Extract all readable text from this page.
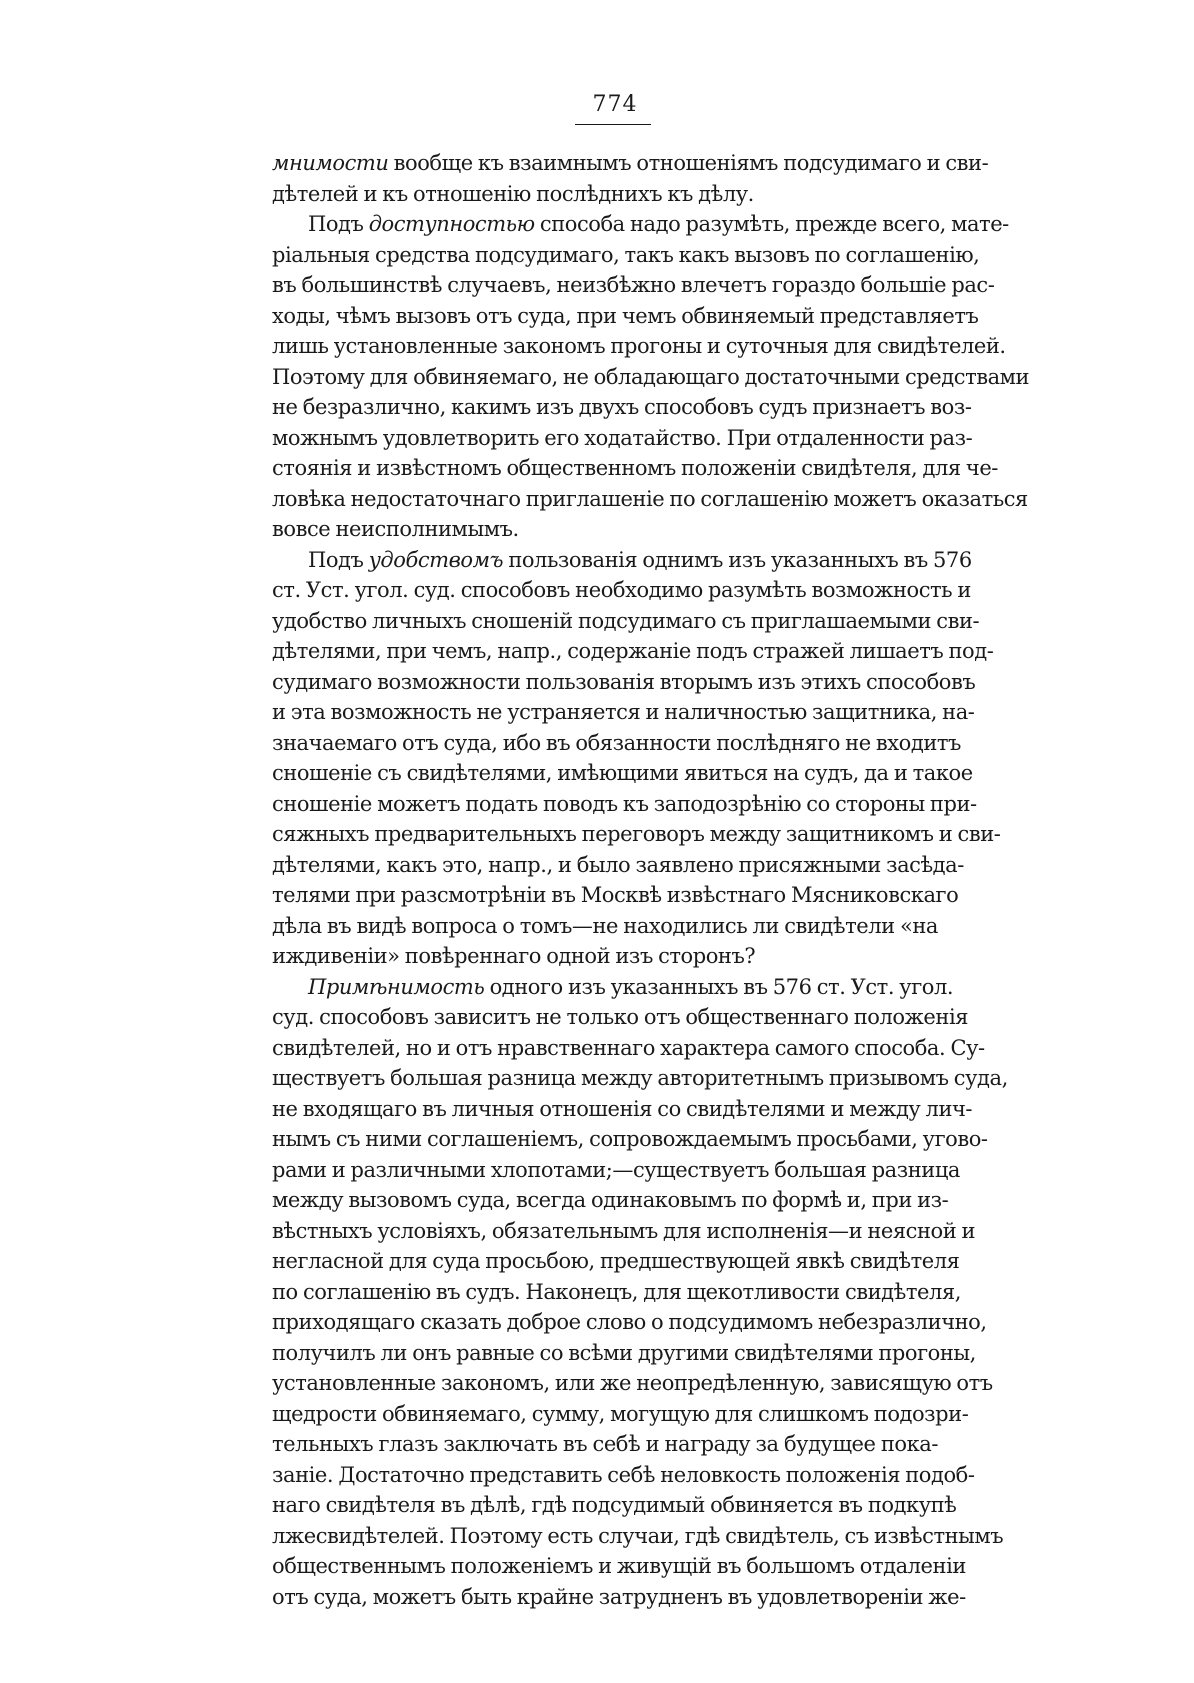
774
мнимости вообще къ взаимнымъ отношеніямъ подсудимаго и сви-
дѣтелей и къ отношенію послѣднихъ къ дѣлу.
Подъ доступностью способа надо разумѣть, прежде всего, мате-
ріальныя средства подсудимаго, такъ какъ вызовъ по соглашенію,
въ большинствѣ случаевъ, неизбѣжно влечетъ гораздо большіе рас-
ходы, чѣмъ вызовъ отъ суда, при чемъ обвиняемый представляетъ
лишь установленные закономъ прогоны и суточныя для свидѣтелей.
Поэтому для обвиняемаго, не обладающаго достаточными средствами
не безразлично, какимъ изъ двухъ способовъ судъ признаетъ воз-
можнымъ удовлетворить его ходатайство. При отдаленности раз-
стоянія и извѣстномъ общественномъ положеніи свидѣтеля, для че-
ловѣка недостаточнаго приглашеніе по соглашенію можетъ оказаться
вовсе неисполнимымъ.
Подъ удобствомъ пользованія однимъ изъ указанныхъ въ 576
ст. Уст. угол. суд. способовъ необходимо разумѣть возможность и
удобство личныхъ сношеній подсудимаго съ приглашаемыми сви-
дѣтелями, при чемъ, напр., содержаніе подъ стражей лишаетъ под-
судимаго возможности пользованія вторымъ изъ этихъ способовъ
и эта возможность не устраняется и наличностью защитника, на-
значаемаго отъ суда, ибо въ обязанности послѣдняго не входитъ
сношеніе съ свидѣтелями, имѣющими явиться на судъ, да и такое
сношеніе можетъ подать поводъ къ заподозрѣнію со стороны при-
сяжныхъ предварительныхъ переговоръ между защитникомъ и сви-
дѣтелями, какъ это, напр., и было заявлено присяжными засѣда-
телями при разсмотрѣніи въ Москвѣ извѣстнаго Мясниковскаго
дѣла въ видѣ вопроса о томъ—не находились ли свидѣтели «на
иждивеніи» повѣреннаго одной изъ сторонъ?
Примѣнимость одного изъ указанныхъ въ 576 ст. Уст. угол.
суд. способовъ зависитъ не только отъ общественнаго положенія
свидѣтелей, но и отъ нравственнаго характера самого способа. Су-
ществуетъ большая разница между авторитетнымъ призывомъ суда,
не входящаго въ личныя отношенія со свидѣтелями и между лич-
нымъ съ ними соглашеніемъ, сопровождаемымъ просьбами, угово-
рами и различными хлопотами;—существуетъ большая разница
между вызовомъ суда, всегда одинаковымъ по формѣ и, при из-
вѣстныхъ условіяхъ, обязательнымъ для исполненія—и неясной и
негласной для суда просьбою, предшествующей явкѣ свидѣтеля
по соглашенію въ судъ. Наконецъ, для щекотливости свидѣтеля,
приходящаго сказать доброе слово о подсудимомъ небезразлично,
получилъ ли онъ равные со всѣми другими свидѣтелями прогоны,
установленные закономъ, или же неопредѣленную, зависящую отъ
щедрости обвиняемаго, сумму, могущую для слишкомъ подозри-
тельныхъ глазъ заключать въ себѣ и награду за будущее пока-
заніе. Достаточно представить себѣ неловкость положенія подоб-
наго свидѣтеля въ дѣлѣ, гдѣ подсудимый обвиняется въ подкупѣ
лжесвидѣтелей. Поэтому есть случаи, гдѣ свидѣтель, съ извѣстнымъ
общественнымъ положеніемъ и живущій въ большомъ отдаленіи
отъ суда, можетъ быть крайне затрудненъ въ удовлетвореніи же-
